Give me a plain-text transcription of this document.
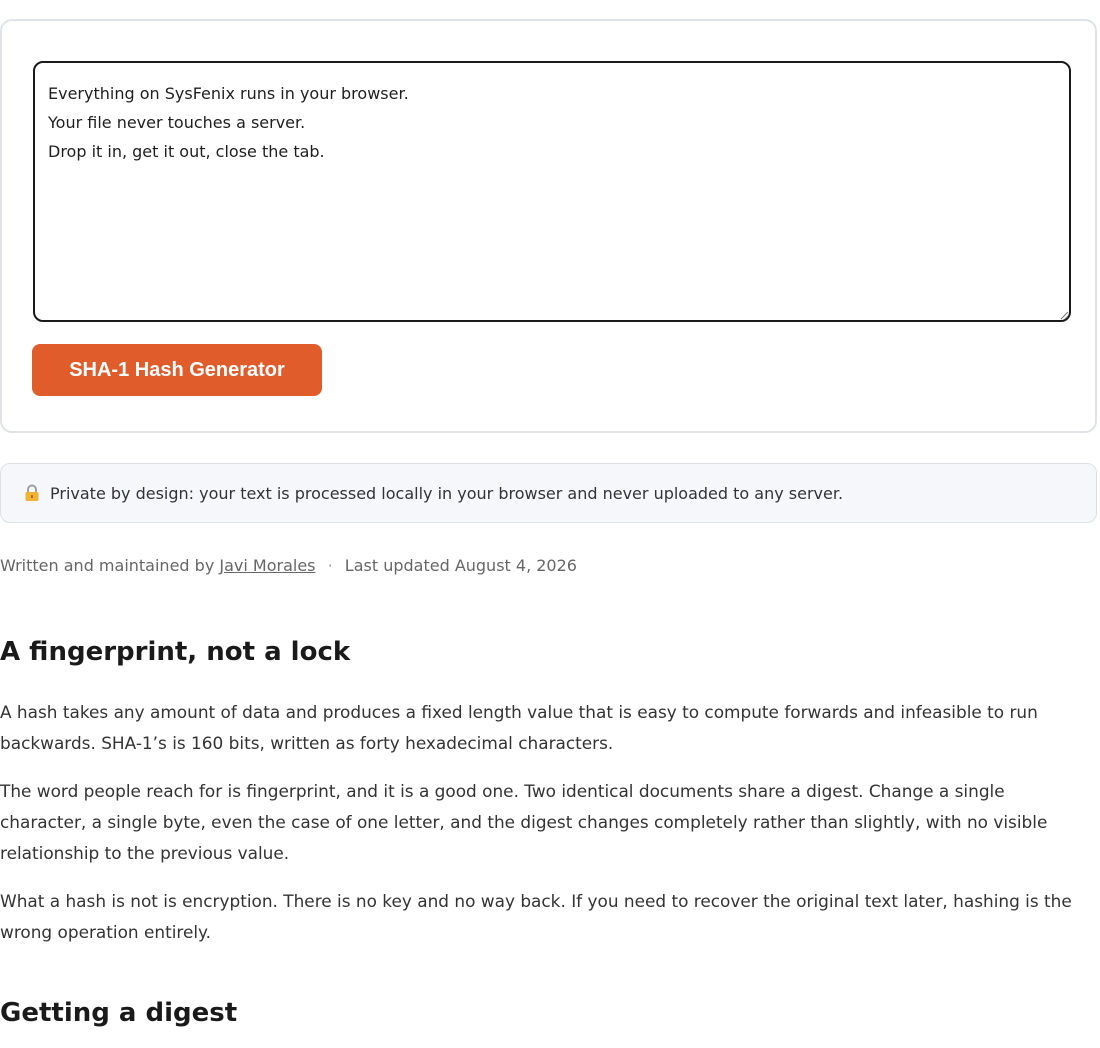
Everything on SysFenix runs in your browser.
Your file never touches a server.
Drop it in, get it out, close the tab.
SHA-1 Hash Generator
Private by design: your text is processed locally in your browser and never uploaded to any server.
Written and maintained by Javi Morales · Last updated August 4, 2026
A fingerprint, not a lock

A hash takes any amount of data and produces a fixed length value that is easy to compute forwards and infeasible to run backwards. SHA-1’s is 160 bits, written as forty hexadecimal characters.

The word people reach for is fingerprint, and it is a good one. Two identical documents share a digest. Change a single character, a single byte, even the case of one letter, and the digest changes completely rather than slightly, with no visible relationship to the previous value.

What a hash is not is encryption. There is no key and no way back. If you need to recover the original text later, hashing is the wrong operation entirely.

Getting a digest
